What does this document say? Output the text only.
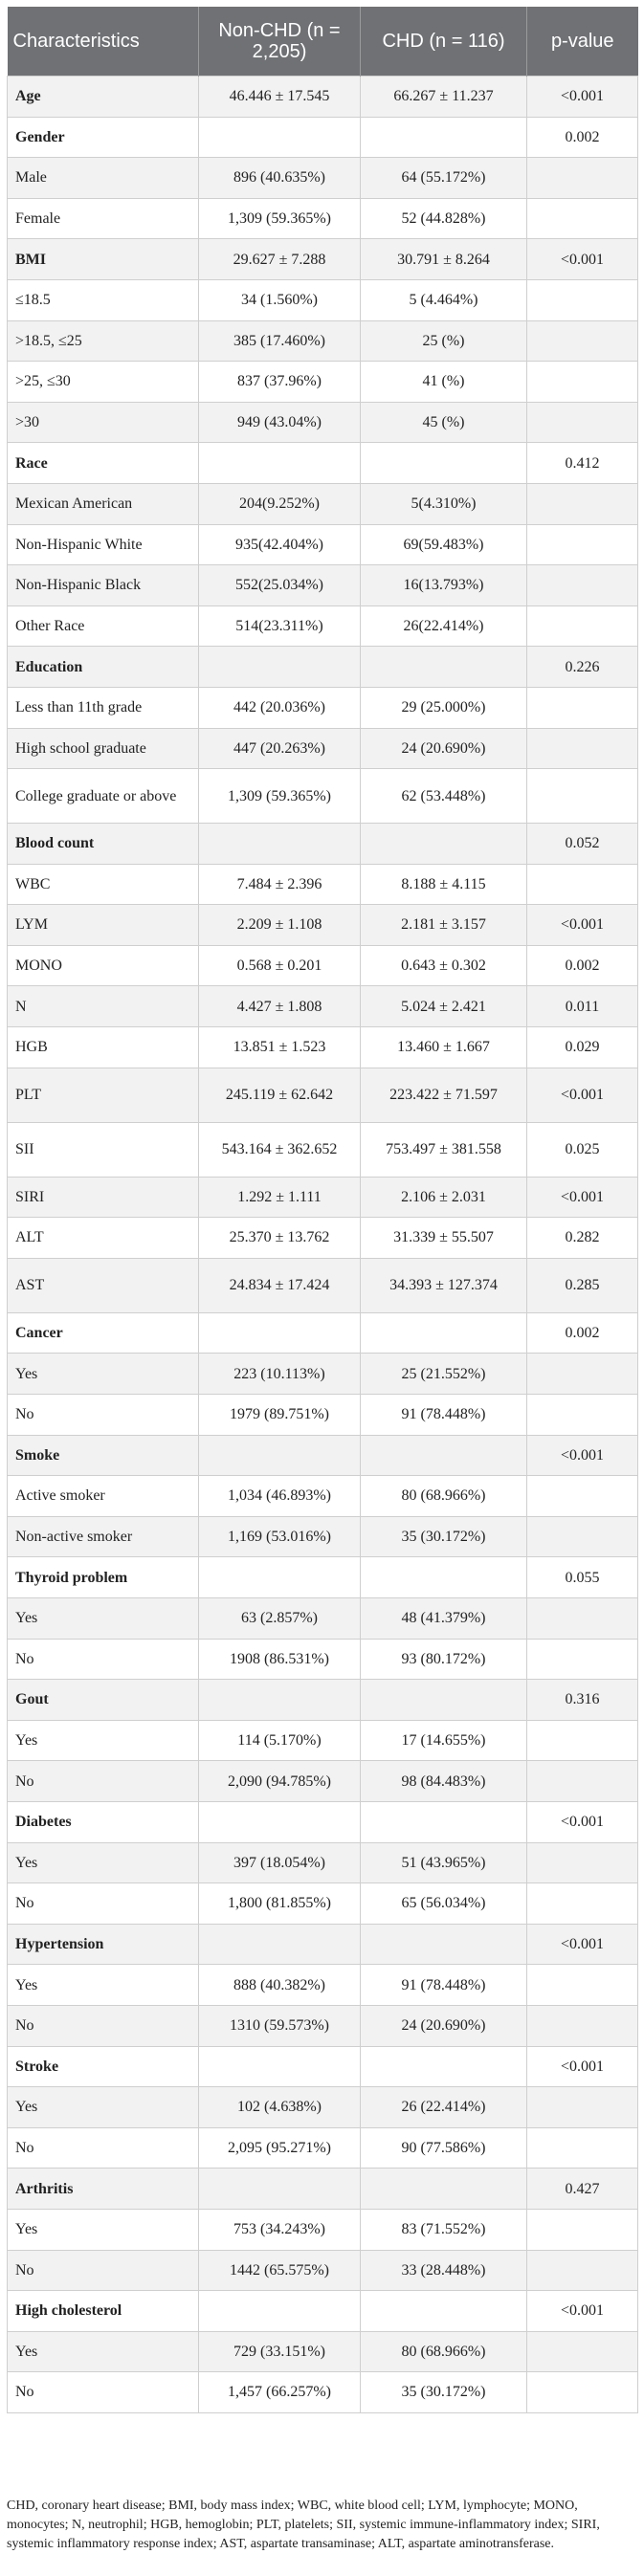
Characteristics	Non-CHD (n = 2,205)	CHD (n = 116)	p-value
Age	46.446 ± 17.545	66.267 ± 11.237	<0.001
Gender			0.002
Male	896 (40.635%)	64 (55.172%)	
Female	1,309 (59.365%)	52 (44.828%)	
BMI	29.627 ± 7.288	30.791 ± 8.264	<0.001
≤18.5	34 (1.560%)	5 (4.464%)	
>18.5, ≤25	385 (17.460%)	25 (%)	
>25, ≤30	837 (37.96%)	41 (%)	
>30	949 (43.04%)	45 (%)	
Race			0.412
Mexican American	204(9.252%)	5(4.310%)	
Non-Hispanic White	935(42.404%)	69(59.483%)	
Non-Hispanic Black	552(25.034%)	16(13.793%)	
Other Race	514(23.311%)	26(22.414%)	
Education			0.226
Less than 11th grade	442 (20.036%)	29 (25.000%)	
High school graduate	447 (20.263%)	24 (20.690%)	
College graduate or above	1,309 (59.365%)	62 (53.448%)	
Blood count			0.052
WBC	7.484 ± 2.396	8.188 ± 4.115	
LYM	2.209 ± 1.108	2.181 ± 3.157	<0.001
MONO	0.568 ± 0.201	0.643 ± 0.302	0.002
N	4.427 ± 1.808	5.024 ± 2.421	0.011
HGB	13.851 ± 1.523	13.460 ± 1.667	0.029
PLT	245.119 ± 62.642	223.422 ± 71.597	<0.001
SII	543.164 ± 362.652	753.497 ± 381.558	0.025
SIRI	1.292 ± 1.111	2.106 ± 2.031	<0.001
ALT	25.370 ± 13.762	31.339 ± 55.507	0.282
AST	24.834 ± 17.424	34.393 ± 127.374	0.285
Cancer			0.002
Yes	223 (10.113%)	25 (21.552%)	
No	1979 (89.751%)	91 (78.448%)	
Smoke			<0.001
Active smoker	1,034 (46.893%)	80 (68.966%)	
Non-active smoker	1,169 (53.016%)	35 (30.172%)	
Thyroid problem			0.055
Yes	63 (2.857%)	48 (41.379%)	
No	1908 (86.531%)	93 (80.172%)	
Gout			0.316
Yes	114 (5.170%)	17 (14.655%)	
No	2,090 (94.785%)	98 (84.483%)	
Diabetes			<0.001
Yes	397 (18.054%)	51 (43.965%)	
No	1,800 (81.855%)	65 (56.034%)	
Hypertension			<0.001
Yes	888 (40.382%)	91 (78.448%)	
No	1310 (59.573%)	24 (20.690%)	
Stroke			<0.001
Yes	102 (4.638%)	26 (22.414%)	
No	2,095 (95.271%)	90 (77.586%)	
Arthritis			0.427
Yes	753 (34.243%)	83 (71.552%)	
No	1442 (65.575%)	33 (28.448%)	
High cholesterol			<0.001
Yes	729 (33.151%)	80 (68.966%)	
No	1,457 (66.257%)	35 (30.172%)	
CHD, coronary heart disease; BMI, body mass index; WBC, white blood cell; LYM, lymphocyte; MONO, monocytes; N, neutrophil; HGB, hemoglobin; PLT, platelets; SII, systemic immune-inflammatory index; SIRI, systemic inflammatory response index; AST, aspartate transaminase; ALT, aspartate aminotransferase.
